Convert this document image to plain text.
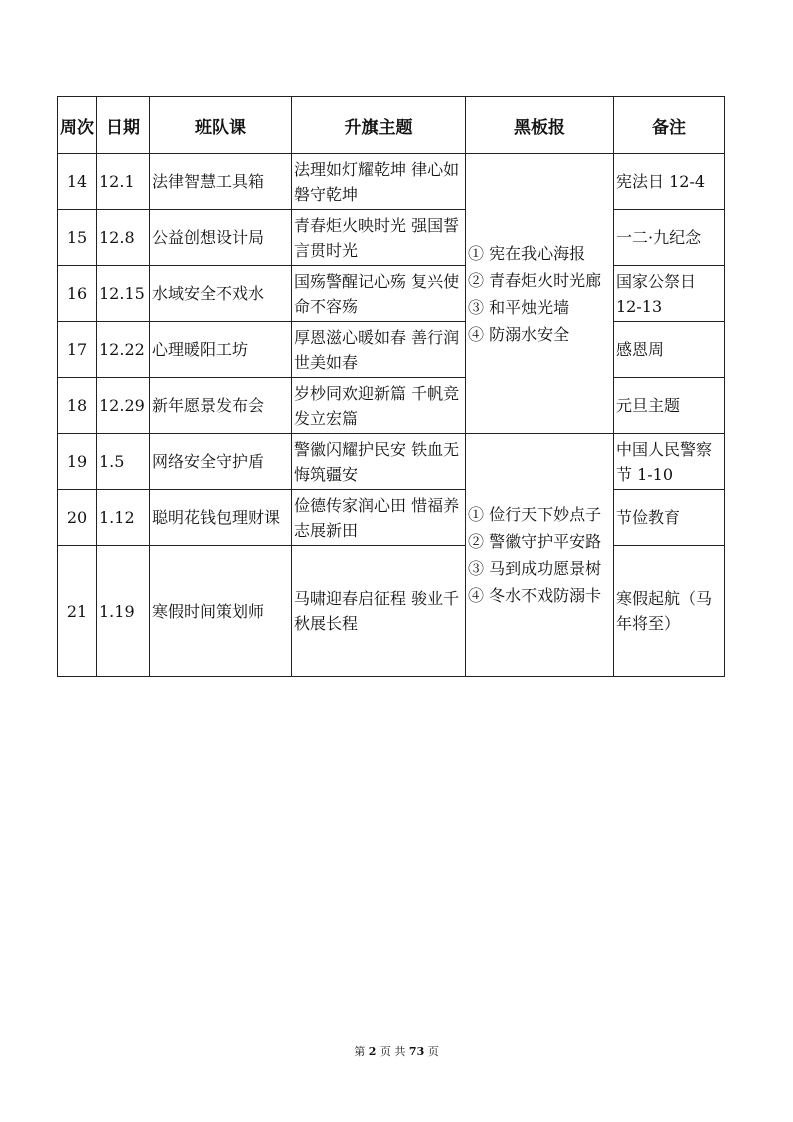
周次	日期	班队课	升旗主题	黑板报	备注
14	12.1	法律智慧工具箱	法理如灯耀乾坤 律心如磐守乾坤	① 宪在我心海报
② 青春炬火时光廊
③ 和平烛光墙
④ 防溺水安全	宪法日 12-4
15	12.8	公益创想设计局	青春炬火映时光 强国誓言贯时光		一二·九纪念
16	12.15	水域安全不戏水	国殇警醒记心殇 复兴使命不容殇		国家公祭日 12-13
17	12.22	心理暖阳工坊	厚恩滋心暖如春 善行润世美如春		感恩周
18	12.29	新年愿景发布会	岁杪同欢迎新篇 千帆竞发立宏篇		元旦主题
19	1.5	网络安全守护盾	警徽闪耀护民安 铁血无悔筑疆安	① 俭行天下妙点子
② 警徽守护平安路
③ 马到成功愿景树
④ 冬水不戏防溺卡	中国人民警察节 1-10
20	1.12	聪明花钱包理财课	俭德传家润心田 惜福养志展新田		节俭教育
21	1.19	寒假时间策划师	马啸迎春启征程 骏业千秋展长程		寒假起航（马年将至）
第 2 页 共 73 页
